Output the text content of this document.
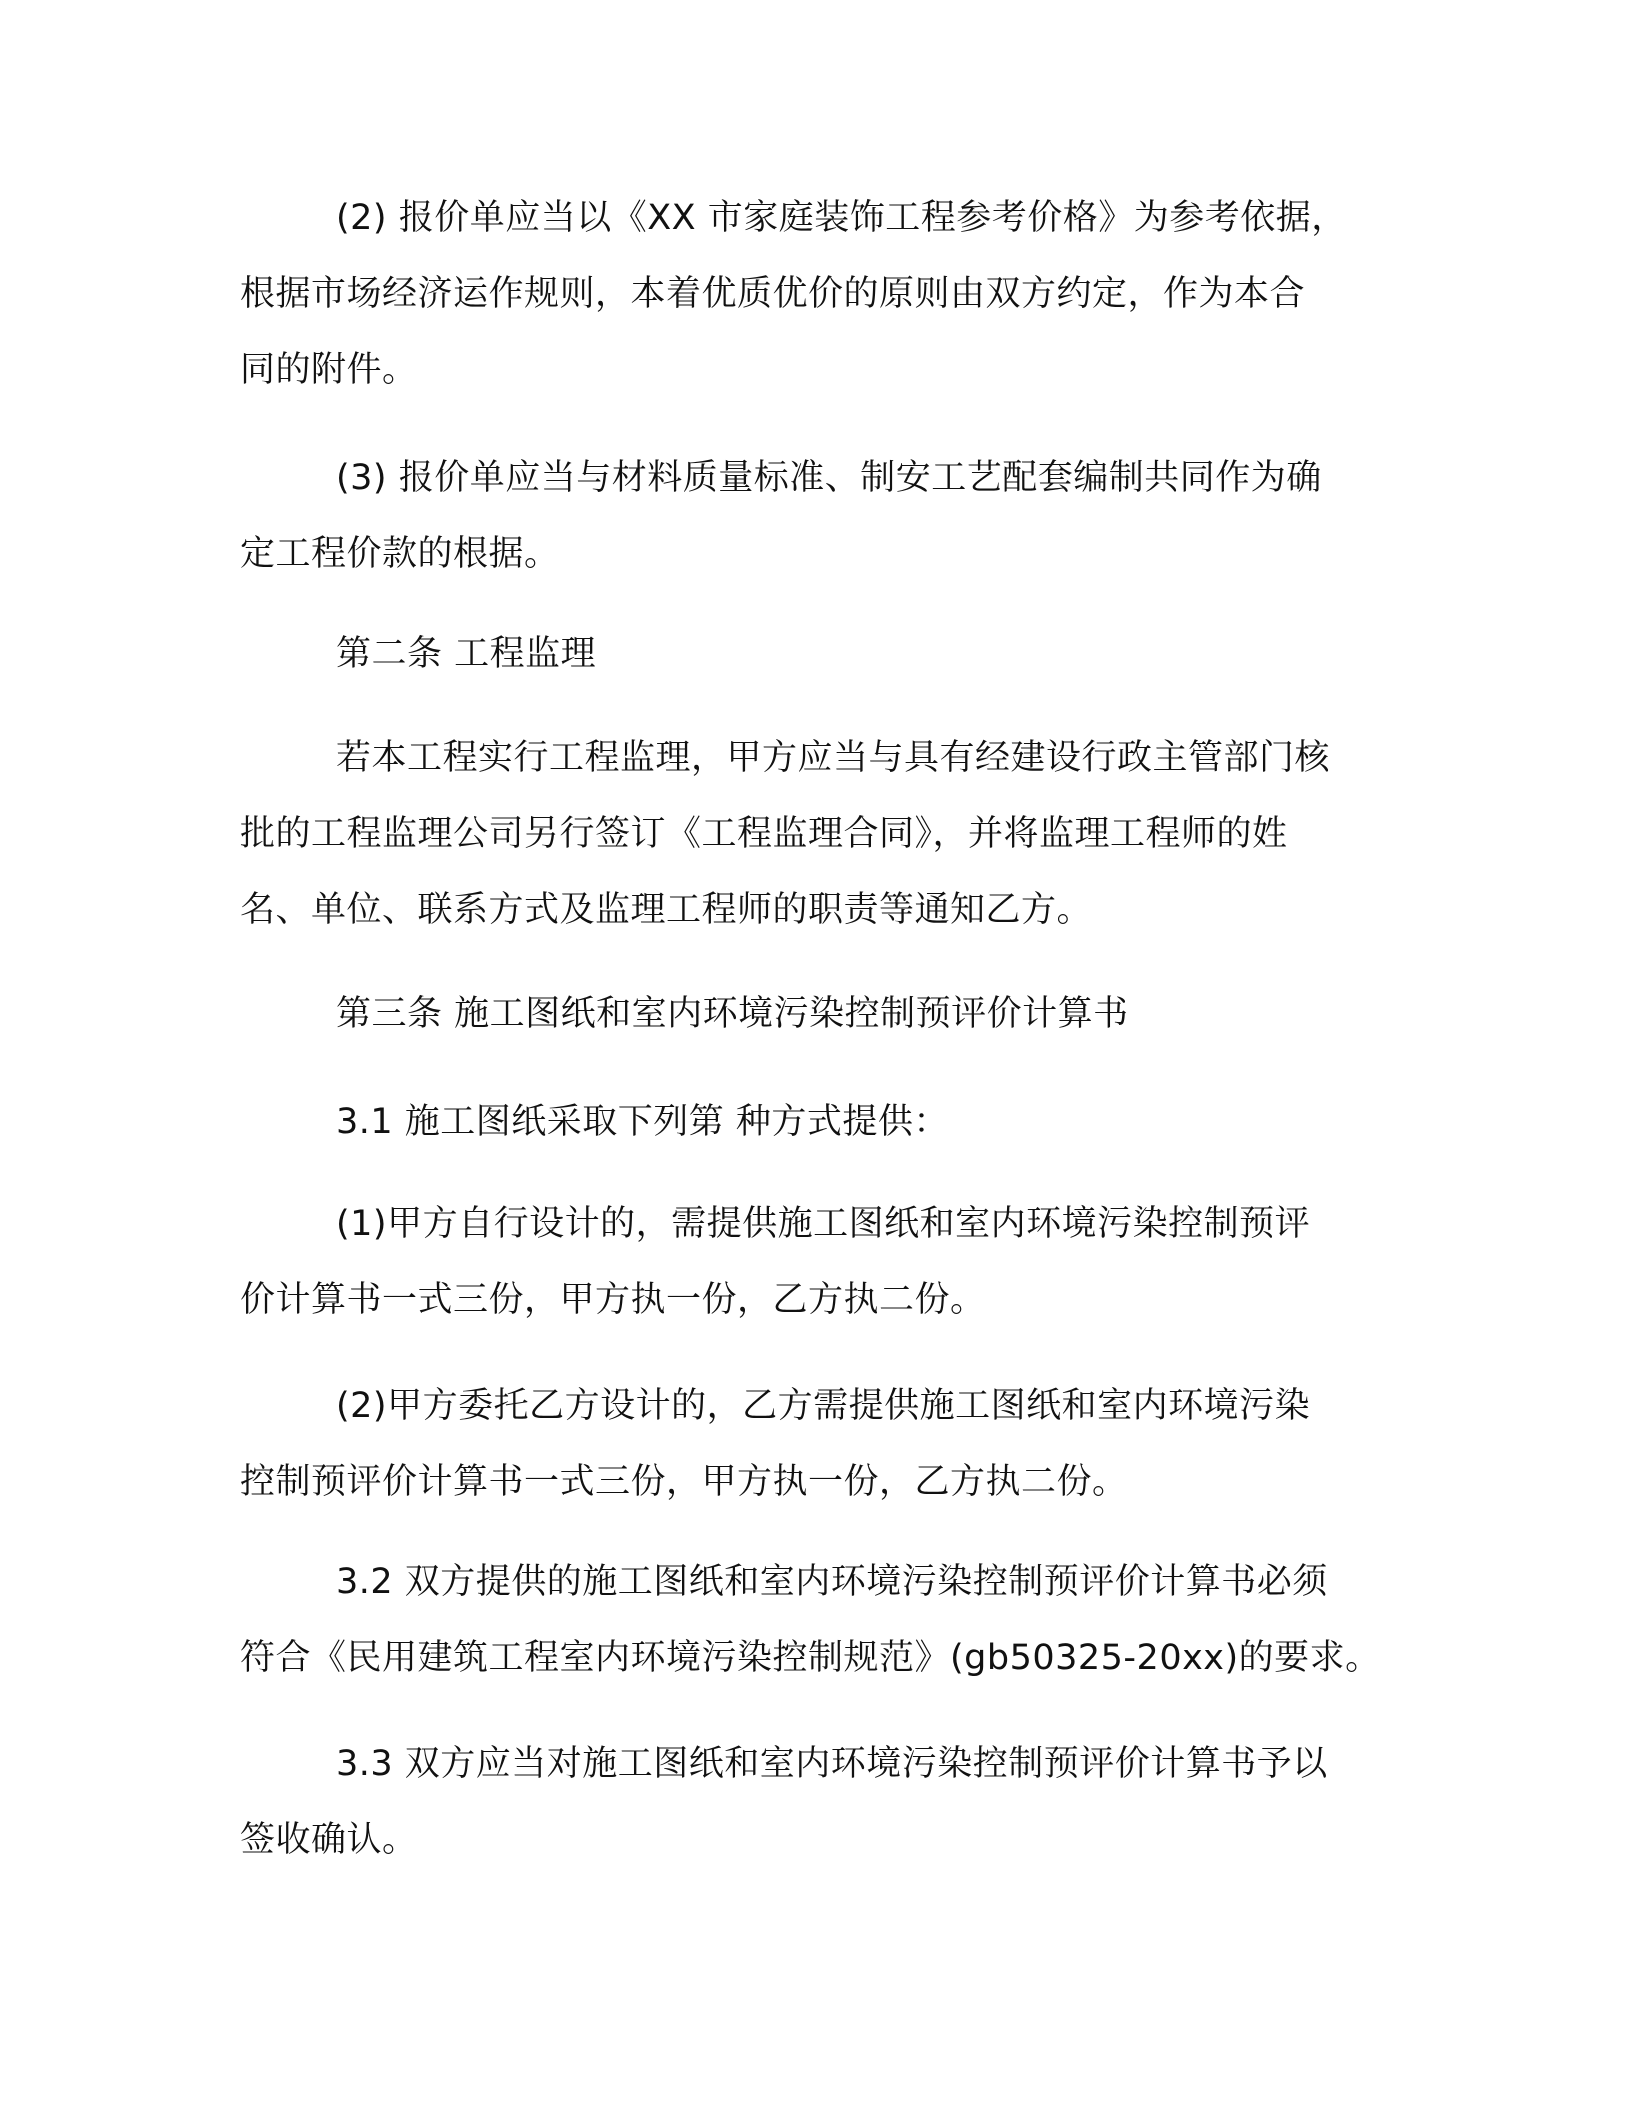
(2) 报价单应当以《XX 市家庭装饰工程参考价格》为参考依据，
根据市场经济运作规则，本着优质优价的原则由双方约定，作为本合
同的附件。

(3) 报价单应当与材料质量标准、制安工艺配套编制共同作为确
定工程价款的根据。

第二条 工程监理

若本工程实行工程监理，甲方应当与具有经建设行政主管部门核
批的工程监理公司另行签订《工程监理合同》，并将监理工程师的姓
名、单位、联系方式及监理工程师的职责等通知乙方。

第三条 施工图纸和室内环境污染控制预评价计算书

3.1 施工图纸采取下列第 种方式提供：

(1)甲方自行设计的，需提供施工图纸和室内环境污染控制预评
价计算书一式三份，甲方执一份，乙方执二份。

(2)甲方委托乙方设计的，乙方需提供施工图纸和室内环境污染
控制预评价计算书一式三份，甲方执一份，乙方执二份。

3.2 双方提供的施工图纸和室内环境污染控制预评价计算书必须
符合《民用建筑工程室内环境污染控制规范》(gb50325-20xx)的要求。

3.3 双方应当对施工图纸和室内环境污染控制预评价计算书予以
签收确认。
